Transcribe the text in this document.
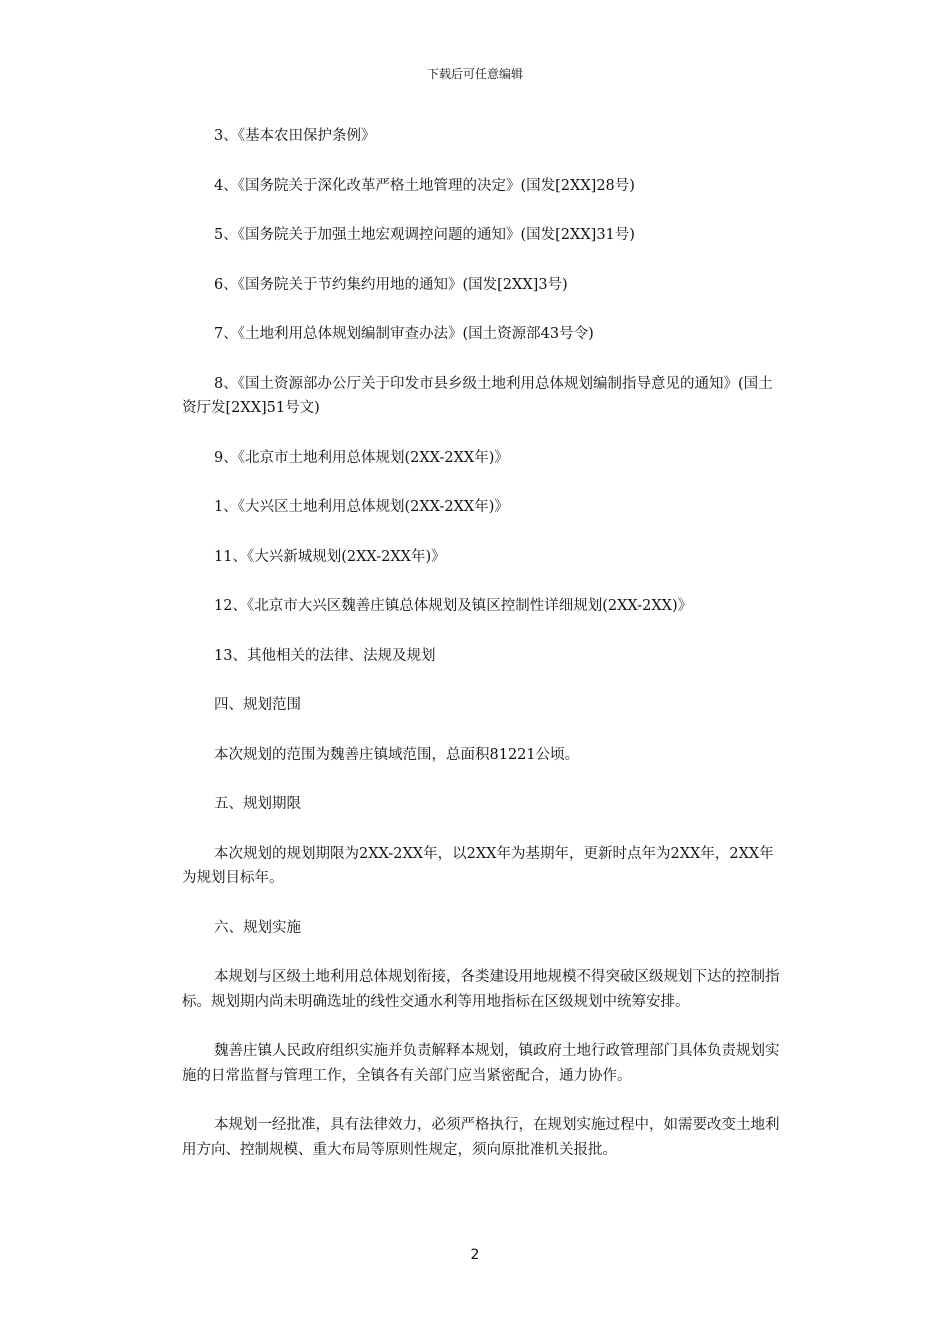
下载后可任意编辑

3、《基本农田保护条例》

4、《国务院关于深化改革严格土地管理的决定》(国发[2XX]28号)

5、《国务院关于加强土地宏观调控问题的通知》(国发[2XX]31号)

6、《国务院关于节约集约用地的通知》(国发[2XX]3号)

7、《土地利用总体规划编制审查办法》(国土资源部43号令)

8、《国土资源部办公厅关于印发市县乡级土地利用总体规划编制指导意见的通知》(国土资厅发[2XX]51号文)

9、《北京市土地利用总体规划(2XX-2XX年)》

1、《大兴区土地利用总体规划(2XX-2XX年)》

11、《大兴新城规划(2XX-2XX年)》

12、《北京市大兴区魏善庄镇总体规划及镇区控制性详细规划(2XX-2XX)》

13、其他相关的法律、法规及规划

四、规划范围

本次规划的范围为魏善庄镇域范围，总面积81221公顷。

五、规划期限

本次规划的规划期限为2XX-2XX年，以2XX年为基期年，更新时点年为2XX年，2XX年为规划目标年。

六、规划实施

本规划与区级土地利用总体规划衔接，各类建设用地规模不得突破区级规划下达的控制指标。规划期内尚未明确选址的线性交通水利等用地指标在区级规划中统筹安排。

魏善庄镇人民政府组织实施并负责解释本规划，镇政府土地行政管理部门具体负责规划实施的日常监督与管理工作，全镇各有关部门应当紧密配合，通力协作。

本规划一经批准，具有法律效力，必须严格执行，在规划实施过程中，如需要改变土地利用方向、控制规模、重大布局等原则性规定，须向原批准机关报批。

2
